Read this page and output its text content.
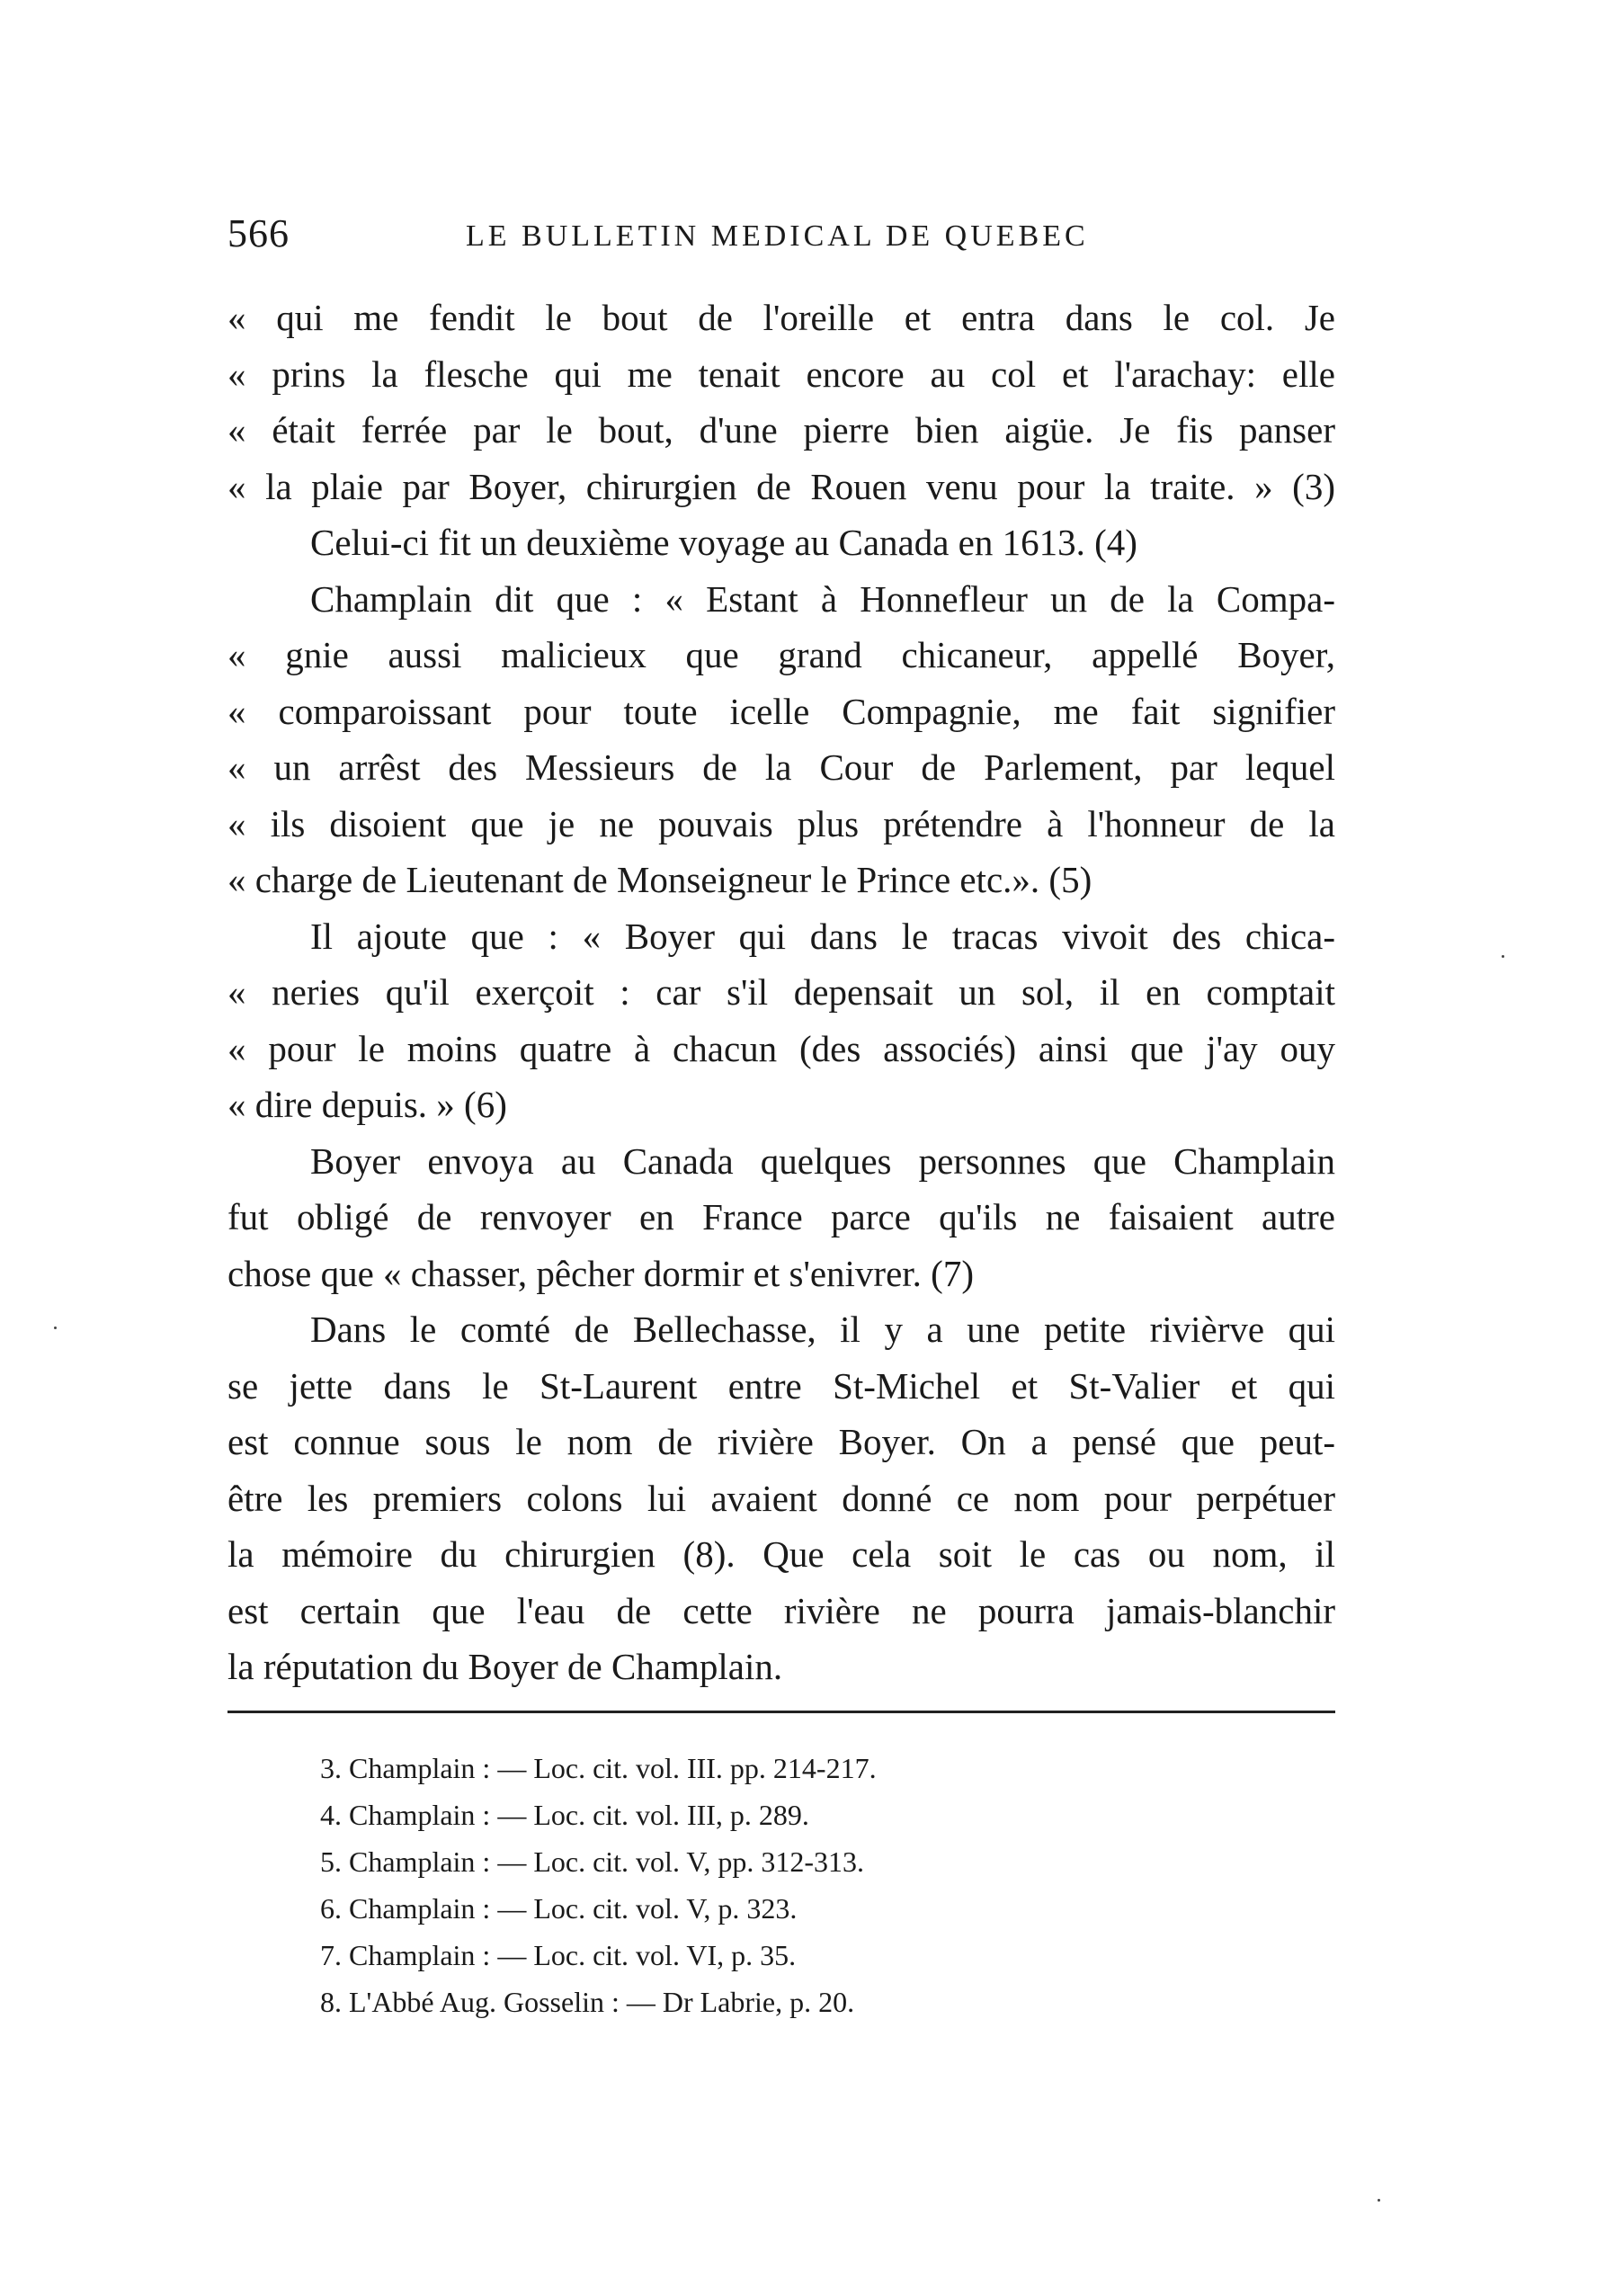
566	LE BULLETIN MEDICAL DE QUEBEC
« qui me fendit le bout de l'oreille et entra dans le col. Je
« prins la flesche qui me tenait encore au col et l'arachay: elle
« était ferrée par le bout, d'une pierre bien aigüe. Je fis panser
« la plaie par Boyer, chirurgien de Rouen venu pour la traite. » (3)
Celui-ci fit un deuxième voyage au Canada en 1613. (4)
Champlain dit que : « Estant à Honnefleur un de la Compa-
« gnie aussi malicieux que grand chicaneur, appellé Boyer,
« comparoissant pour toute icelle Compagnie, me fait signifier
« un arrêst des Messieurs de la Cour de Parlement, par lequel
« ils disoient que je ne pouvais plus prétendre à l'honneur de la
« charge de Lieutenant de Monseigneur le Prince etc.». (5)
Il ajoute que : « Boyer qui dans le tracas vivoit des chica-
« neries qu'il exerçoit : car s'il depensait un sol, il en comptait
« pour le moins quatre à chacun (des associés) ainsi que j'ay ouy
« dire depuis. » (6)
Boyer envoya au Canada quelques personnes que Champlain
fut obligé de renvoyer en France parce qu'ils ne faisaient autre
chose que « chasser, pêcher dormir et s'enivrer. (7)
Dans le comté de Bellechasse, il y a une petite rivièrve qui
se jette dans le St-Laurent entre St-Michel et St-Valier et qui
est connue sous le nom de rivière Boyer. On a pensé que peut-
être les premiers colons lui avaient donné ce nom pour perpétuer
la mémoire du chirurgien (8). Que cela soit le cas ou nom, il
est certain que l'eau de cette rivière ne pourra jamais-blanchir
la réputation du Boyer de Champlain.
3. Champlain : — Loc. cit. vol. III. pp. 214-217.
4. Champlain : — Loc. cit. vol. III, p. 289.
5. Champlain : — Loc. cit. vol. V, pp. 312-313.
6. Champlain : — Loc. cit. vol. V, p. 323.
7. Champlain : — Loc. cit. vol. VI, p. 35.
8. L'Abbé Aug. Gosselin : — Dr Labrie, p. 20.
